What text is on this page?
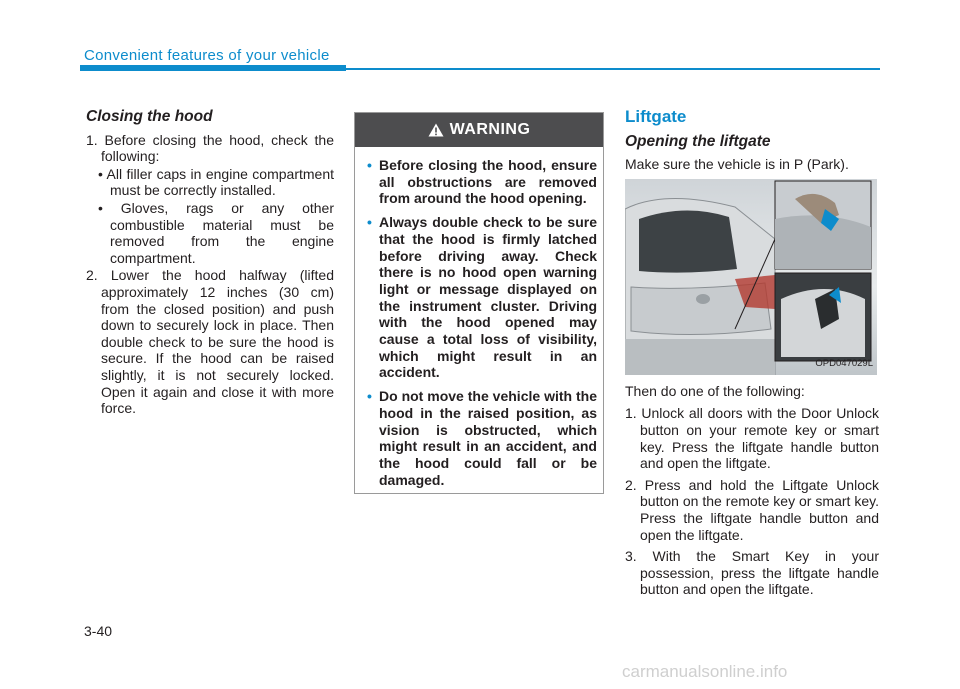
Convenient features of your vehicle
Closing the hood
1. Before closing the hood, check the following:
• All filler caps in engine compartment must be correctly installed.
• Gloves, rags or any other combustible material must be removed from the engine compartment.
2. Lower the hood halfway (lifted approximately 12 inches (30 cm) from the closed position) and push down to securely lock in place. Then double check to be sure the hood is secure. If the hood can be raised slightly, it is not securely locked. Open it again and close it with more force.
WARNING
• Before closing the hood, ensure all obstructions are removed from around the hood opening.
• Always double check to be sure that the hood is firmly latched before driving away. Check there is no hood open warning light or message displayed on the instrument cluster. Driving with the hood opened may cause a total loss of visibility, which might result in an accident.
• Do not move the vehicle with the hood in the raised position, as vision is obstructed, which might result in an accident, and the hood could fall or be damaged.
Liftgate
Opening the liftgate
Make sure the vehicle is in P (Park).
OPD047029L
Then do one of the following:
1. Unlock all doors with the Door Unlock button on your remote key or smart key. Press the liftgate handle button and open the liftgate.
2. Press and hold the Liftgate Unlock button on the remote key or smart key. Press the liftgate handle button and open the liftgate.
3. With the Smart Key in your possession, press the liftgate handle button and open the liftgate.
3-40
carmanualsonline.info
